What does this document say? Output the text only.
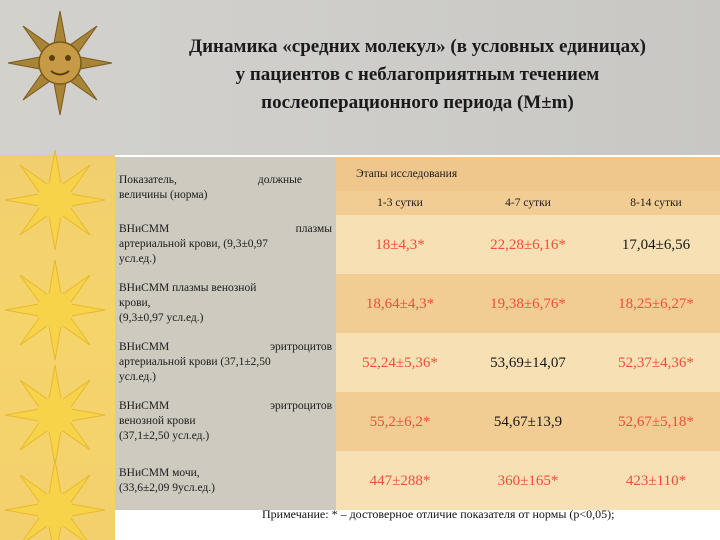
Динамика «средних молекул» (в условных единицах)
у пациентов с неблагоприятным течением
послеоперационного периода (M±m)
Показатель, должные
величины (норма)	Этапы исследования		
	1-3 сутки	4-7 сутки	8-14 сутки

ВНиСММ плазмы
артериальной крови, (9,3±0,97
усл.ед.)	18±4,3*	22,28±6,16*	17,04±6,56

ВНиСММ плазмы венозной
крови,
(9,3±0,97 усл.ед.)	18,64±4,3*	19,38±6,76*	18,25±6,27*

ВНиСММ эритроцитов
артериальной крови (37,1±2,50
усл.ед.)	52,24±5,36*	53,69±14,07	52,37±4,36*

ВНиСММ эритроцитов
венозной крови
(37,1±2,50 усл.ед.)	55,2±6,2*	54,67±13,9	52,67±5,18*

ВНиСММ мочи,
(33,6±2,09 9усл.ед.)	447±288*	360±165*	423±110*
Примечание: * – достоверное отличие показателя от нормы (p<0,05);
